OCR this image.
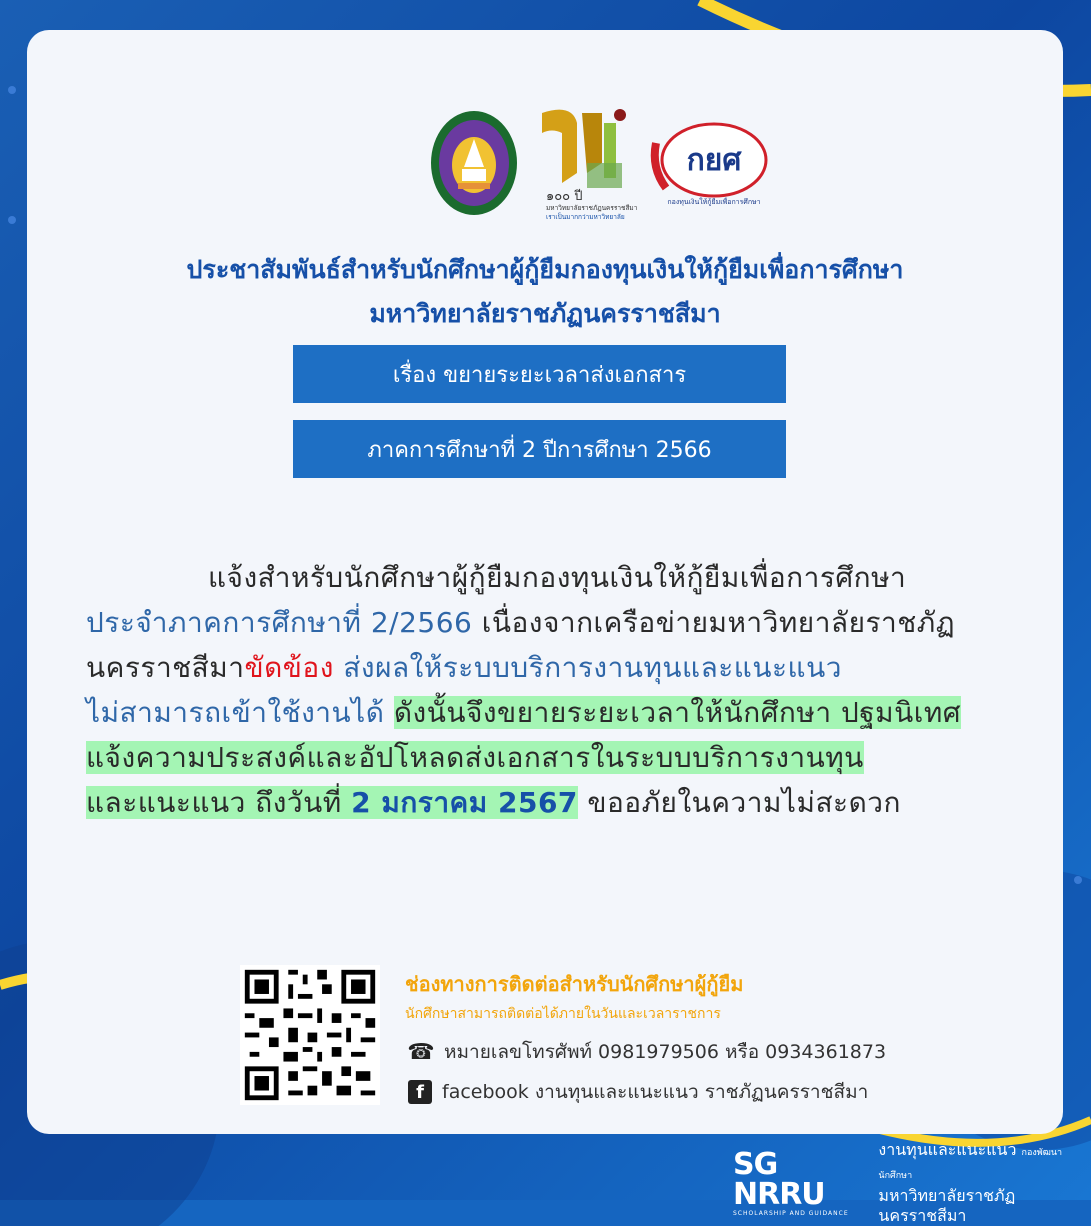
๑๐๐ ปี
มหาวิทยาลัยราชภัฏนครราชสีมา
เราเป็นมากกว่ามหาวิทยาลัย
กยศ
กองทุนเงินให้กู้ยืมเพื่อการศึกษา
ประชาสัมพันธ์สำหรับนักศึกษาผู้กู้ยืมกองทุนเงินให้กู้ยืมเพื่อการศึกษา
มหาวิทยาลัยราชภัฏนครราชสีมา
เรื่อง ขยายระยะเวลาส่งเอกสาร
ภาคการศึกษาที่ 2 ปีการศึกษา 2566
แจ้งสำหรับนักศึกษาผู้กู้ยืมกองทุนเงินให้กู้ยืมเพื่อการศึกษา
ประจำภาคการศึกษาที่ 2/2566 เนื่องจากเครือข่ายมหาวิทยาลัยราชภัฏ
นครราชสีมาขัดข้อง ส่งผลให้ระบบบริการงานทุนและแนะแนว
ไม่สามารถเข้าใช้งานได้ ดังนั้นจึงขยายระยะเวลาให้นักศึกษา ปฐมนิเทศ
แจ้งความประสงค์และอัปโหลดส่งเอกสารในระบบบริการงานทุน
และแนะแนว ถึงวันที่ 2 มกราคม 2567 ขออภัยในความไม่สะดวก
ช่องทางการติดต่อสำหรับนักศึกษาผู้กู้ยืม
นักศึกษาสามารถติดต่อได้ภายในวันและเวลาราชการ
☎ หมายเลขโทรศัพท์ 0981979506 หรือ 0934361873
f facebook งานทุนและแนะแนว ราชภัฏนครราชสีมา
SG NRRU
SCHOLARSHIP AND GUIDANCE
งานทุนและแนะแนว กองพัฒนานักศึกษา
มหาวิทยาลัยราชภัฏนครราชสีมา
